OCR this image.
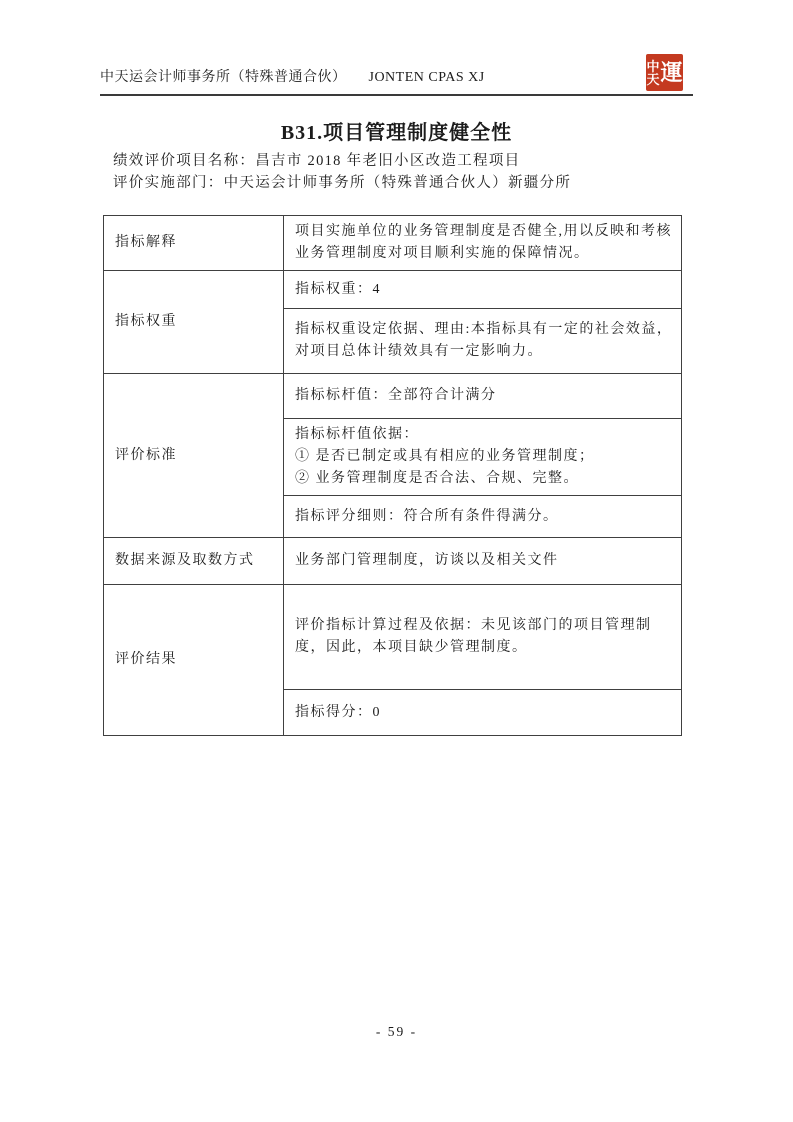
中天运会计师事务所（特殊普通合伙） JONTEN CPAS XJ
中
天 運
B31.项目管理制度健全性
绩效评价项目名称：昌吉市 2018 年老旧小区改造工程项目
评价实施部门：中天运会计师事务所（特殊普通合伙人）新疆分所
指标解释
项目实施单位的业务管理制度是否健全,用以反映和考核业务管理制度对项目顺利实施的保障情况。
指标权重
指标权重：4
指标权重设定依据、理由:本指标具有一定的社会效益，对项目总体计绩效具有一定影响力。
评价标准
指标标杆值：全部符合计满分
指标标杆值依据：
① 是否已制定或具有相应的业务管理制度；
② 业务管理制度是否合法、合规、完整。
指标评分细则：符合所有条件得满分。
数据来源及取数方式	业务部门管理制度，访谈以及相关文件
评价结果
评价指标计算过程及依据：未见该部门的项目管理制度，因此，本项目缺少管理制度。
指标得分：0
- 59 -
